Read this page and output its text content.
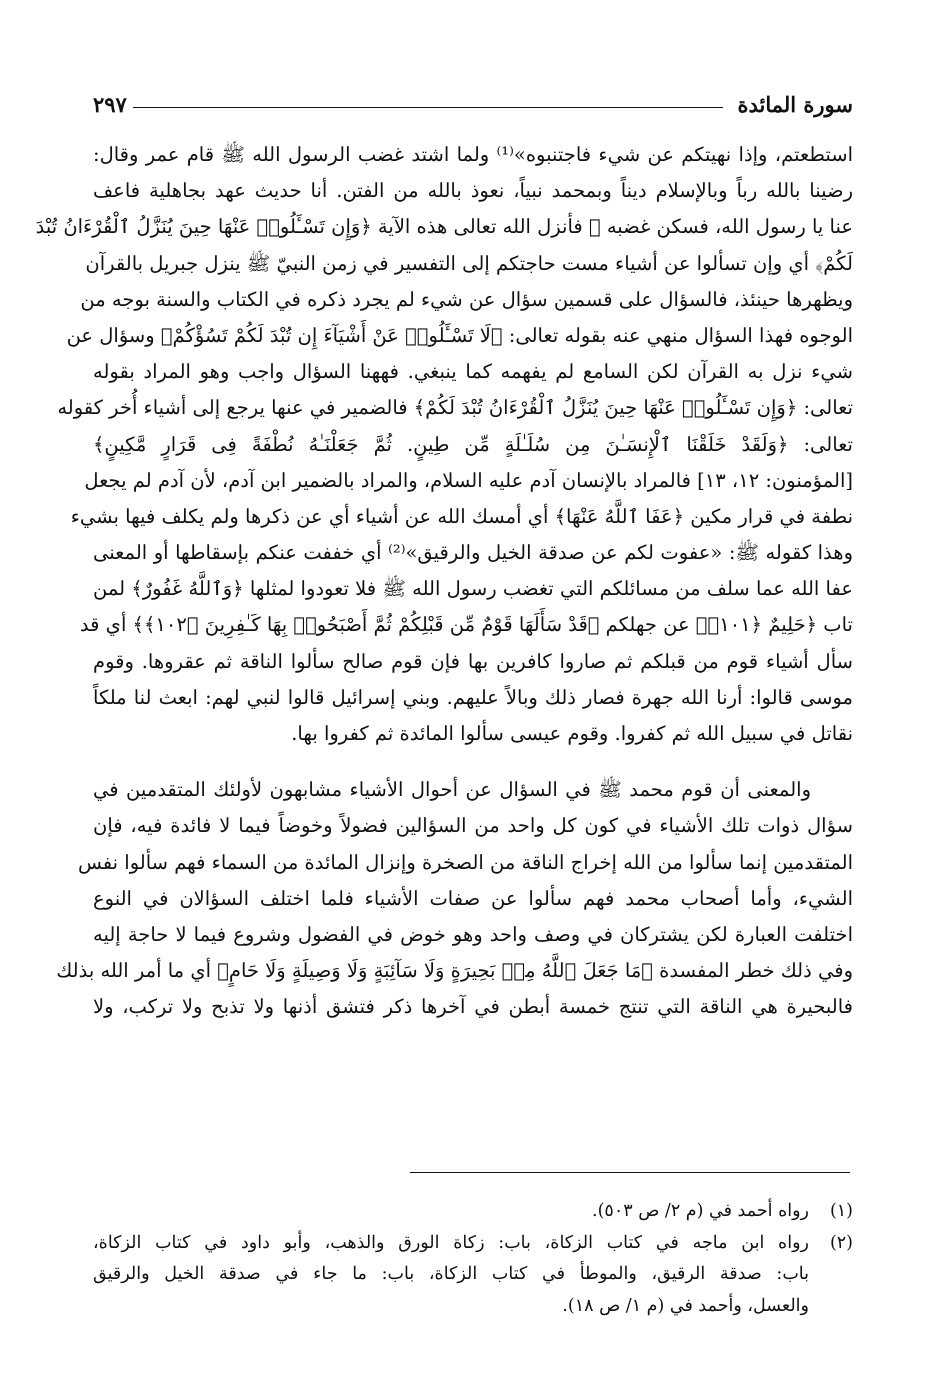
سورة المائدة
٢٩٧
استطعتم، وإذا نهيتكم عن شيء فاجتنبوه»⁽¹⁾ ولما اشتد غضب الرسول الله ﷺ قام عمر وقال:
رضينا بالله رباً وبالإسلام ديناً وبمحمد نبياً، نعوذ بالله من الفتن. أنا حديث عهد بجاهلية فاعف
عنا يا رسول الله، فسكن غضبه ﷺ فأنزل الله تعالى هذه الآية ﴿وَإِن تَسْـَٔلُوا۟ عَنْهَا حِينَ يُنَزَّلُ ٱلْقُرْءَانُ تُبْدَ
لَكُمْ﴾ أي وإن تسألوا عن أشياء مست حاجتكم إلى التفسير في زمن النبيّ ﷺ ينزل جبريل بالقرآن
ويظهرها حينئذ، فالسؤال على قسمين سؤال عن شيء لم يجرد ذكره في الكتاب والسنة بوجه من
الوجوه فهذا السؤال منهي عنه بقوله تعالى: ﴿لَا تَسْـَٔلُوا۟ عَنْ أَشْيَآءَ إِن تُبْدَ لَكُمْ تَسُؤْكُمْ﴾ وسؤال عن
شيء نزل به القرآن لكن السامع لم يفهمه كما ينبغي. فههنا السؤال واجب وهو المراد بقوله
تعالى: ﴿وَإِن تَسْـَٔلُوا۟ عَنْهَا حِينَ يُنَزَّلُ ٱلْقُرْءَانُ تُبْدَ لَكُمْ﴾ فالضمير في عنها يرجع إلى أشياء أُخر كقوله
تعالى: ﴿وَلَقَدْ خَلَقْنَا ٱلْإِنسَـٰنَ مِن سُلَـٰلَةٍ مِّن طِينٍ. ثُمَّ جَعَلْنَـٰهُ نُطْفَةً فِى قَرَارٍ مَّكِينٍ﴾
[المؤمنون: ١٢، ١٣] فالمراد بالإنسان آدم عليه السلام، والمراد بالضمير ابن آدم، لأن آدم لم يجعل
نطفة في قرار مكين ﴿عَفَا ٱللَّهُ عَنْهَا﴾ أي أمسك الله عن أشياء أي عن ذكرها ولم يكلف فيها بشيء
وهذا كقوله ﷺ: «عفوت لكم عن صدقة الخيل والرقيق»⁽²⁾ أي خففت عنكم بإسقاطها أو المعنى
عفا الله عما سلف من مسائلكم التي تغضب رسول الله ﷺ فلا تعودوا لمثلها ﴿وَٱللَّهُ غَفُورٌ﴾ لمن
تاب ﴿حَلِيمٌ ﴿١٠١﴾﴾ عن جهلكم ﴿قَدْ سَأَلَهَا قَوْمٌ مِّن قَبْلِكُمْ ثُمَّ أَصْبَحُوا۟ بِهَا كَـٰفِرِينَ ﴿١٠٢﴾﴾ أي قد
سأل أشياء قوم من قبلكم ثم صاروا كافرين بها فإن قوم صالح سألوا الناقة ثم عقروها. وقوم
موسى قالوا: أرنا الله جهرة فصار ذلك وبالاً عليهم. وبني إسرائيل قالوا لنبي لهم: ابعث لنا ملكاً
نقاتل في سبيل الله ثم كفروا. وقوم عيسى سألوا المائدة ثم كفروا بها.
والمعنى أن قوم محمد ﷺ في السؤال عن أحوال الأشياء مشابهون لأولئك المتقدمين في
سؤال ذوات تلك الأشياء في كون كل واحد من السؤالين فضولاً وخوضاً فيما لا فائدة فيه، فإن
المتقدمين إنما سألوا من الله إخراج الناقة من الصخرة وإنزال المائدة من السماء فهم سألوا نفس
الشيء، وأما أصحاب محمد فهم سألوا عن صفات الأشياء فلما اختلف السؤالان في النوع
اختلفت العبارة لكن يشتركان في وصف واحد وهو خوض في الفضول وشروع فيما لا حاجة إليه
وفي ذلك خطر المفسدة ﴿مَا جَعَلَ ٱللَّهُ مِنۢ بَحِيرَةٍ وَلَا سَآئِبَةٍ وَلَا وَصِيلَةٍ وَلَا حَامٍ﴾ أي ما أمر الله بذلك
فالبحيرة هي الناقة التي تنتج خمسة أبطن في آخرها ذكر فتشق أذنها ولا تذبح ولا تركب، ولا
(١)رواه أحمد في (م ٢/ ص ٥٠٣).
(٢)رواه ابن ماجه في كتاب الزكاة، باب: زكاة الورق والذهب، وأبو داود في كتاب الزكاة،
باب: صدقة الرقيق، والموطأ في كتاب الزكاة، باب: ما جاء في صدقة الخيل والرقيق
والعسل، وأحمد في (م ١/ ص ١٨).
